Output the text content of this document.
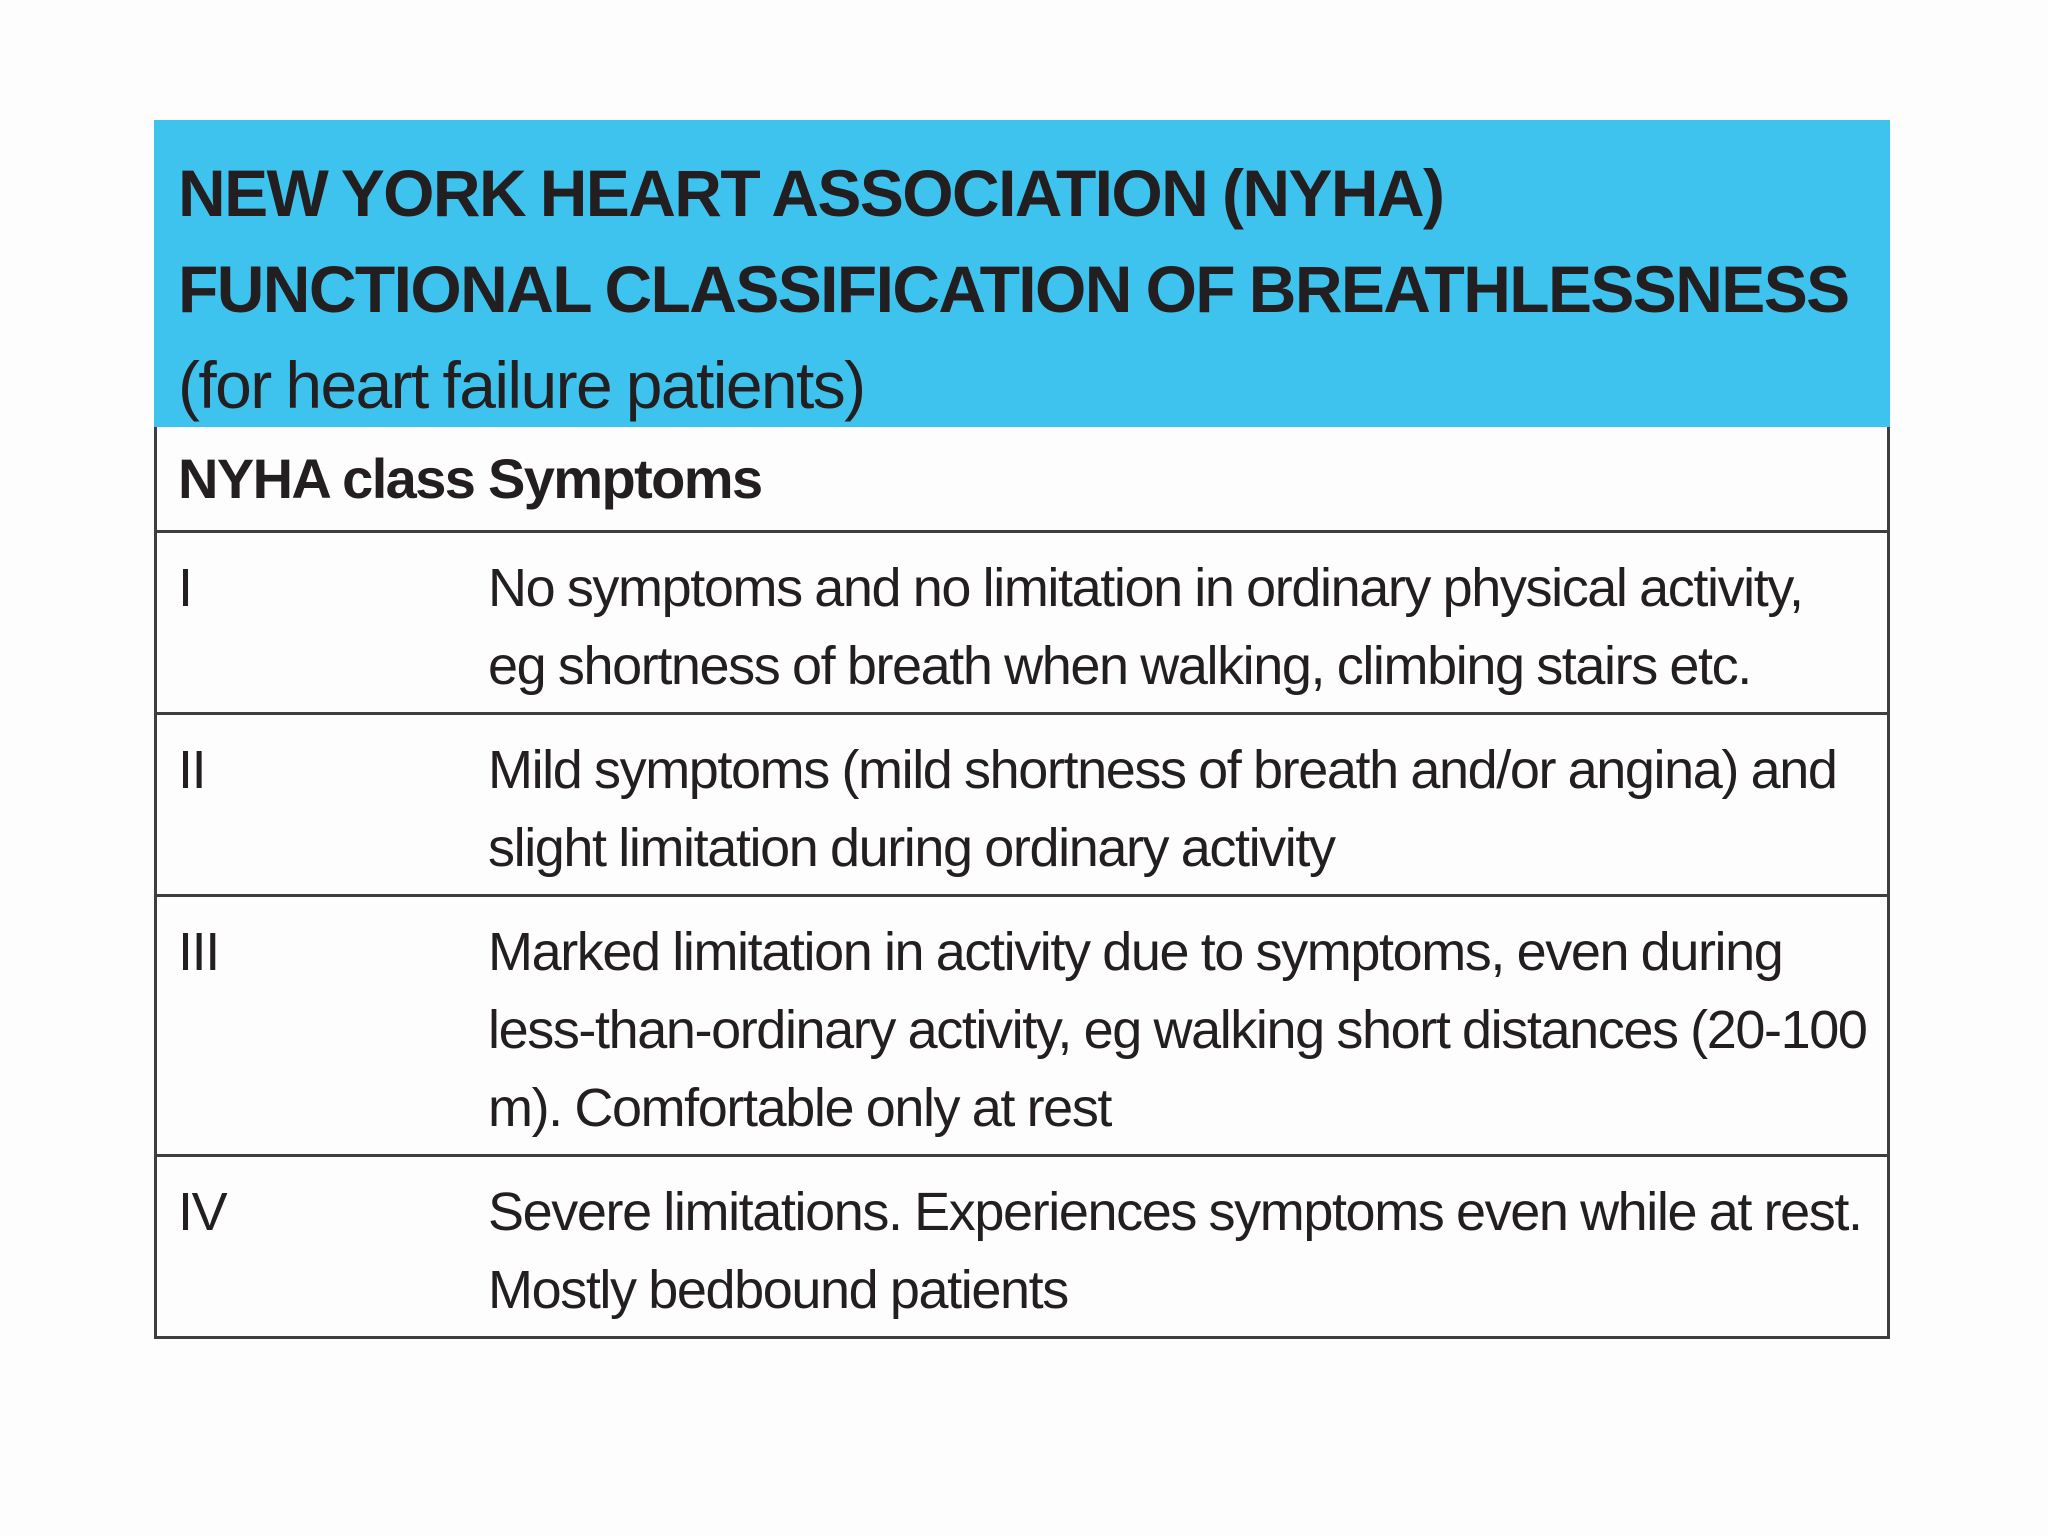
NEW YORK HEART ASSOCIATION (NYHA) FUNCTIONAL CLASSIFICATION OF BREATHLESSNESS (for heart failure patients)

NYHA class Symptoms
I	No symptoms and no limitation in ordinary physical activity, eg shortness of breath when walking, climbing stairs etc.
II	Mild symptoms (mild shortness of breath and/or angina) and slight limitation during ordinary activity
III	Marked limitation in activity due to symptoms, even during less-than-ordinary activity, eg walking short distances (20-100 m). Comfortable only at rest
IV	Severe limitations. Experiences symptoms even while at rest. Mostly bedbound patients
